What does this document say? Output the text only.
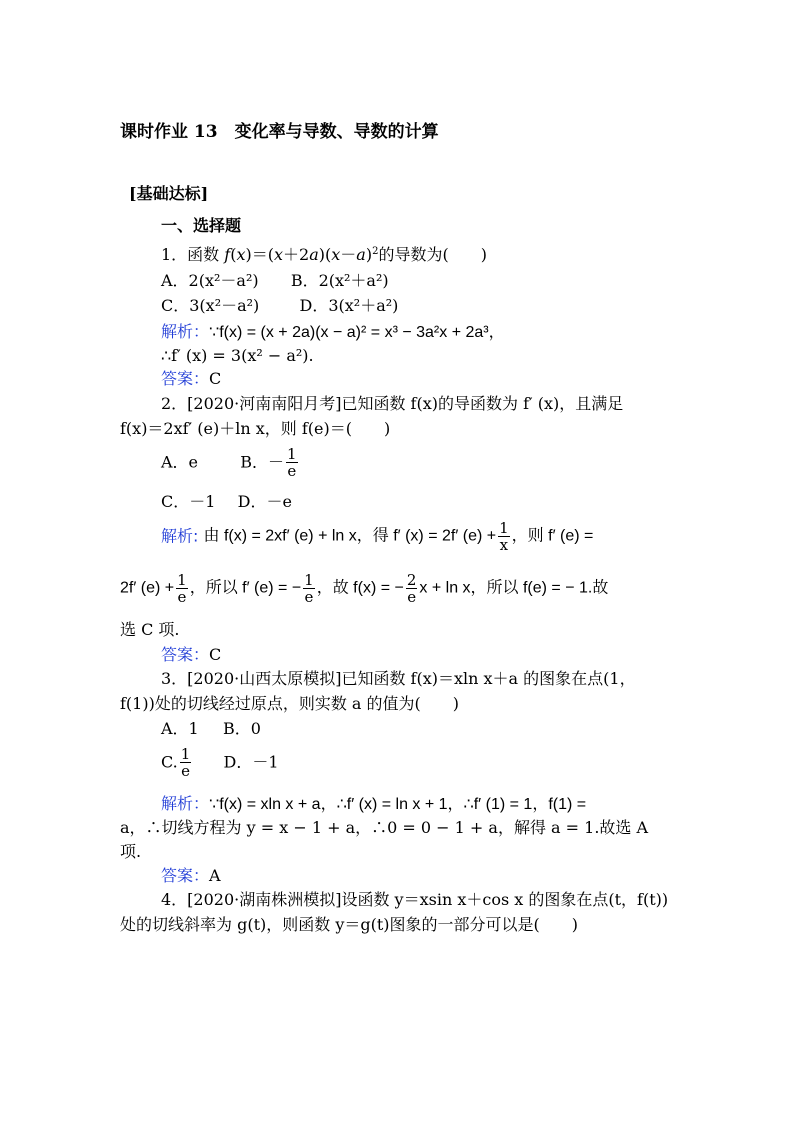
课时作业 13　变化率与导数、导数的计算
[基础达标]
一、选择题
1．函数 $f(x)=(x+2a)(x-a)^2$的导数为(　　)
A．2(x²－a²) B．2(x²＋a²)
C．3(x²－a²)	D．3(x²＋a²)
解析：∵f(x) = (x + 2a)(x − a)² = x³ − 3a²x + 2a³，
∴f′ (x) = 3(x² − a²).
答案：C
2．[2020·河南南阳月考]已知函数 f(x)的导函数为 f′ (x)，且满足
f(x)＝2xf′ (e)＋ln x，则 f(e)＝(　　)
A．e	B．－ $\frac{1}{e}$
C．－1 D．－e
解析: 由 f(x) = 2xf′ (e) + ln x，得 f′ (x) = 2f′ $(e) + \frac{1}{x}$ ，则 f′ (e) =
2f′ $(e) + \frac{1}{e}$ ，所以 f′ (e) = − $\frac{1}{e}$ ，故 f(x) = − $\frac{2}{e}$ x + ln x，所以 f(e) = − 1.故
选 C 项.
答案：C
3．[2020·山西太原模拟]已知函数 f(x)＝xln x＋a 的图象在点(1，
f(1))处的切线经过原点，则实数 a 的值为(　　)
A．1 B．0
C. $\frac{1}{e}$ D．－1
解析：∵f(x) = xln x + a，∴f′ (x) = ln x + 1，∴f′ (1) = 1，f(1) =
a，∴切线方程为 y = x − 1 + a，∴0 = 0 − 1 + a，解得 a = 1.故选 A
项.
答案：A
4．[2020·湖南株洲模拟]设函数 y＝xsin x＋cos x 的图象在点(t，f(t))
处的切线斜率为 g(t)，则函数 y＝g(t)图象的一部分可以是(　　)
